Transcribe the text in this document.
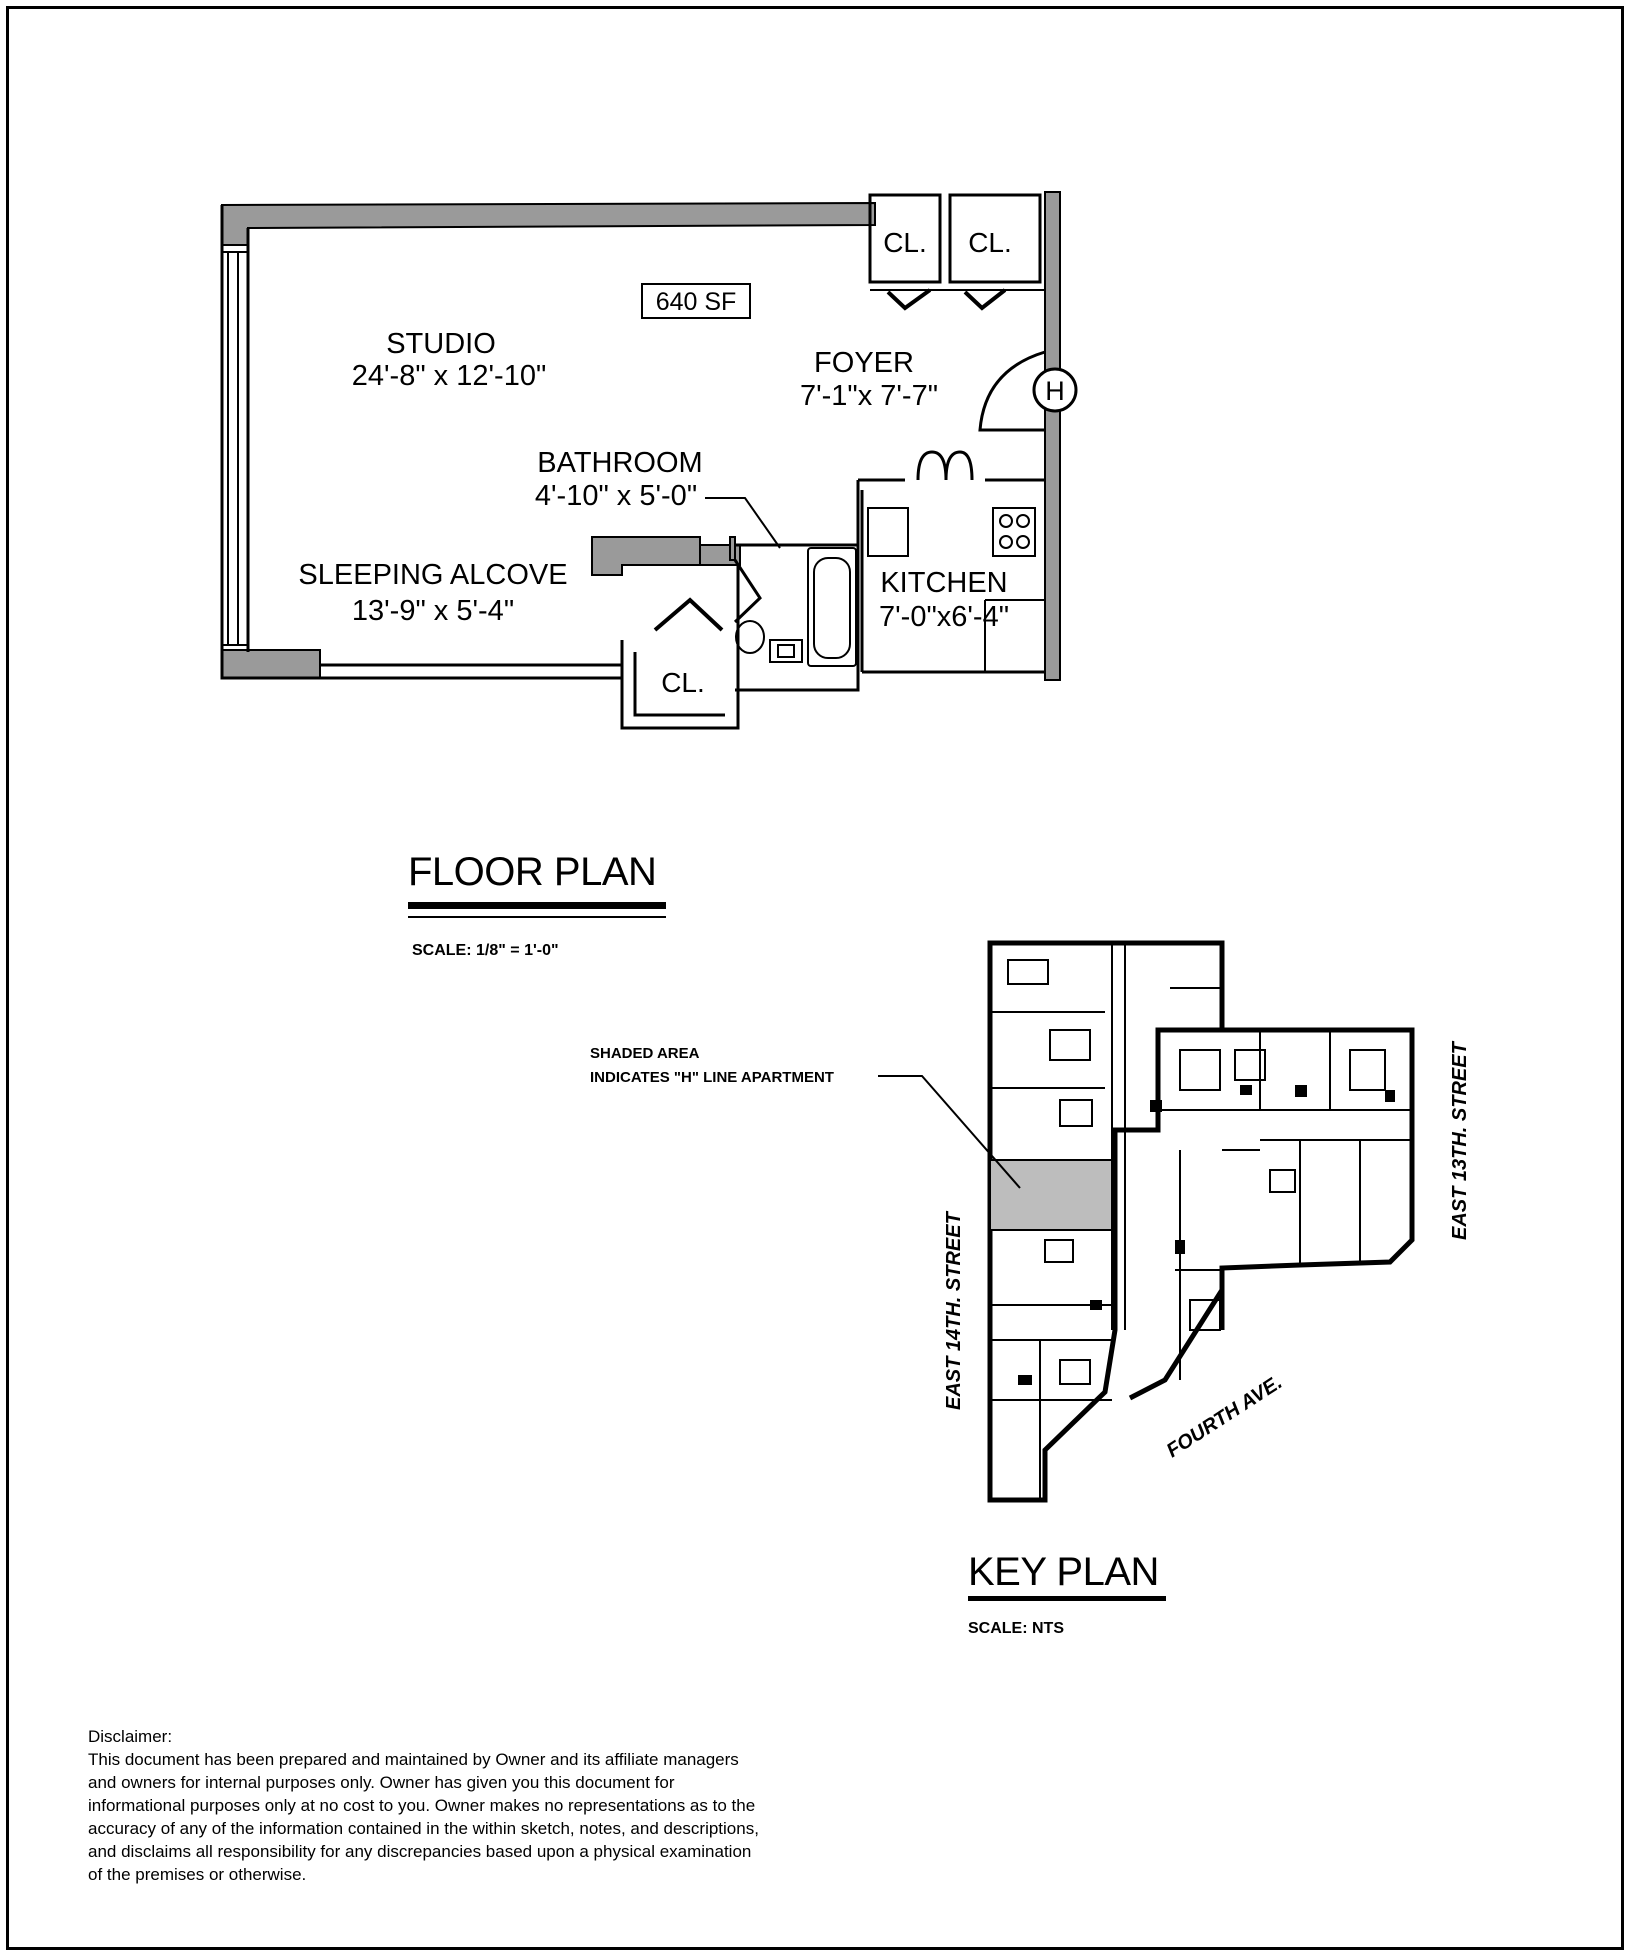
640 SF
STUDIO
24'-8" x 12'-10"	FOYER
7'-1"x 7'-7"
BATHROOM
4'-10" x 5'-0"
SLEEPING ALCOVE
13'-9" x 5'-4"
KITCHEN
7'-0"x6'-4"
CL. CL.
CL.
H
SHADED AREA
INDICATES "H" LINE APARTMENT
EAST 14TH. STREET
EAST 13TH. STREET
FOURTH AVE.
FLOOR PLAN
SCALE: 1/8" = 1'-0"
KEY PLAN
SCALE: NTS

Disclaimer:

This document has been prepared and maintained by Owner and its affiliate managers and owners for internal purposes only. Owner has given you this document for informational purposes only at no cost to you. Owner makes no representations as to the accuracy of any of the information contained in the within sketch, notes, and descriptions, and disclaims all responsibility for any discrepancies based upon a physical examination of the premises or otherwise.
